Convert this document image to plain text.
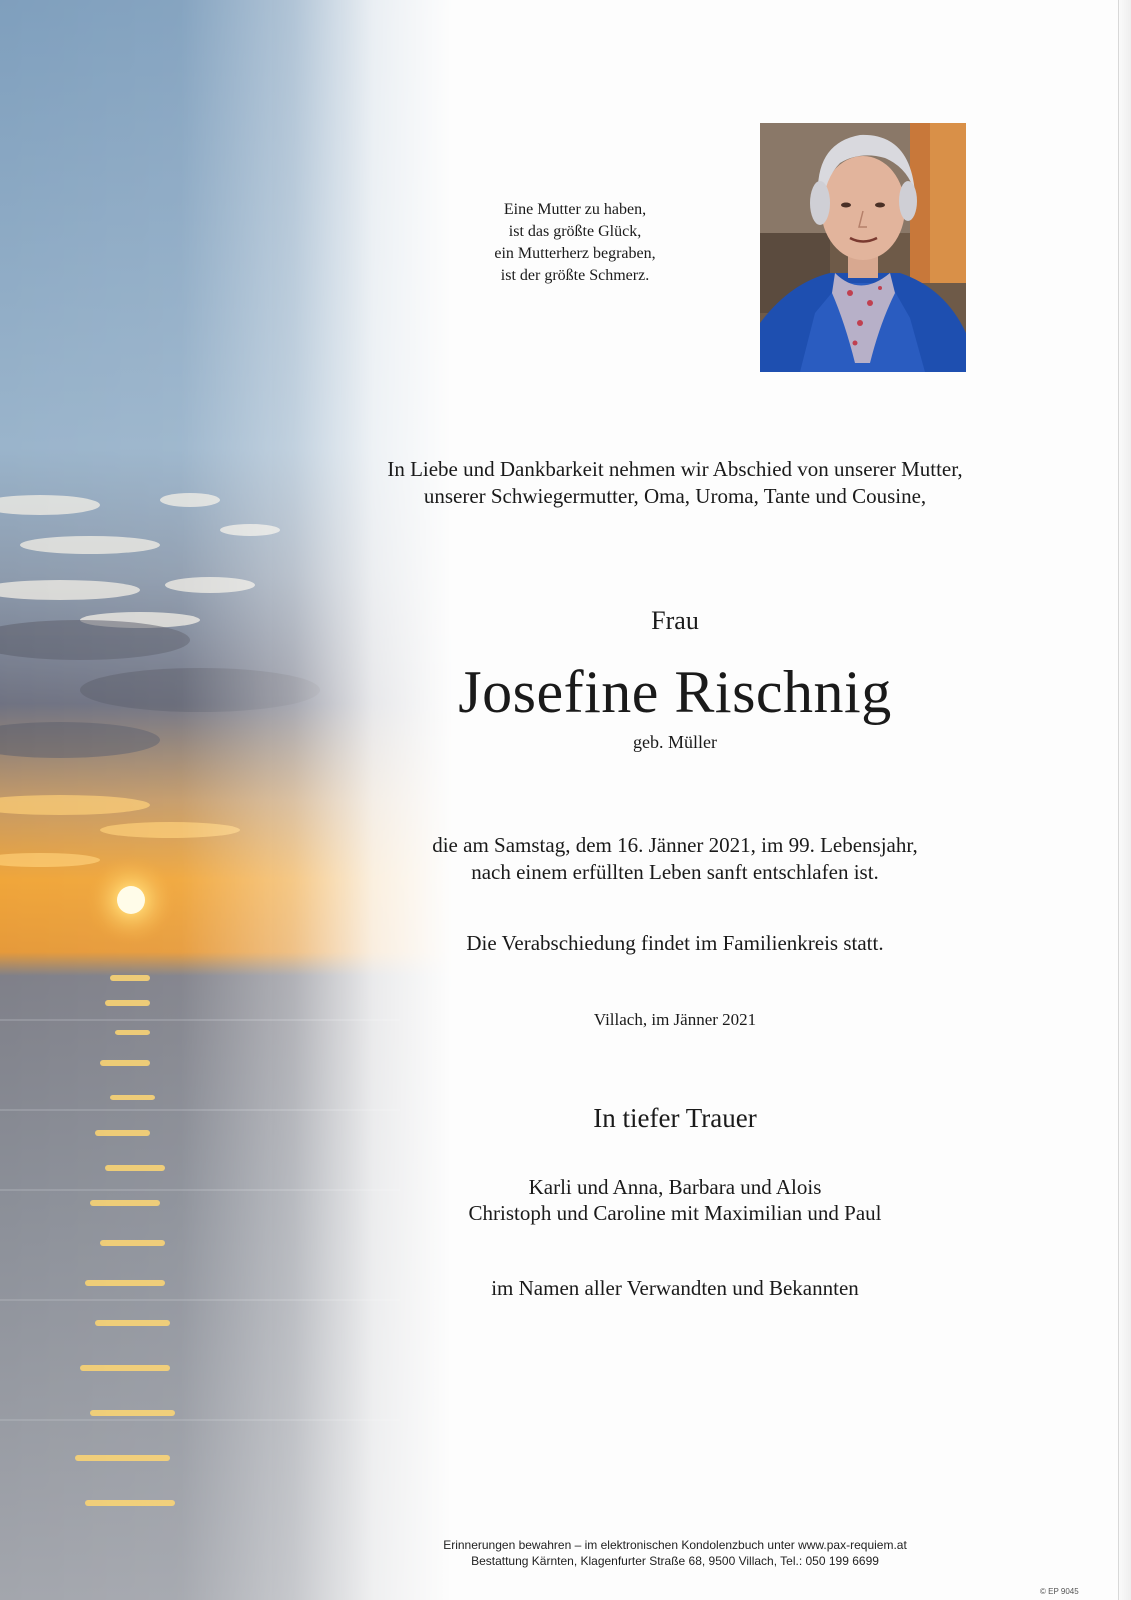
Eine Mutter zu haben,
ist das größte Glück,
ein Mutterherz begraben,
ist der größte Schmerz.
In Liebe und Dankbarkeit nehmen wir Abschied von unserer Mutter,
unserer Schwiegermutter, Oma, Uroma, Tante und Cousine,
Frau
Josefine Rischnig
geb. Müller
die am Samstag, dem 16. Jänner 2021, im 99. Lebensjahr,
nach einem erfüllten Leben sanft entschlafen ist.
Die Verabschiedung findet im Familienkreis statt.
Villach, im Jänner 2021
In tiefer Trauer
Karli und Anna, Barbara und Alois
Christoph und Caroline mit Maximilian und Paul
im Namen aller Verwandten und Bekannten
Erinnerungen bewahren – im elektronischen Kondolenzbuch unter www.pax-requiem.at
Bestattung Kärnten, Klagenfurter Straße 68, 9500 Villach, Tel.: 050 199 6699
© EP 9045
